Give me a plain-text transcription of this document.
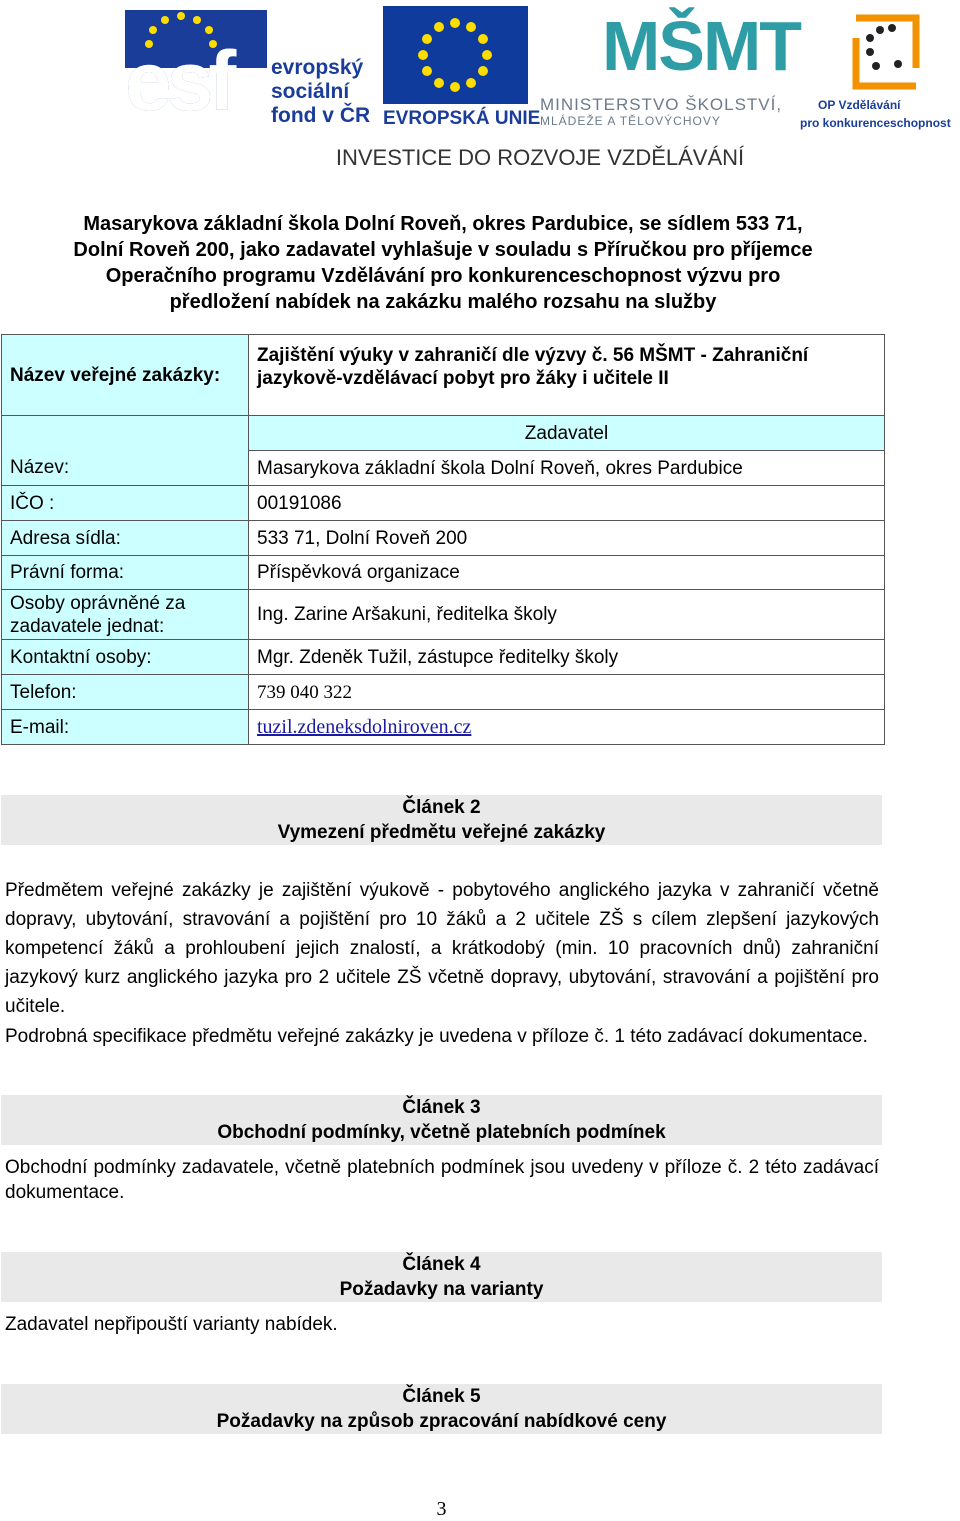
esf evropský
sociální
fond v ČR EVROPSKÁ UNIE
MŠMT
MINISTERSTVO ŠKOLSTVÍ,
MLÁDEŽE A TĚLOVÝCHOVY
OP Vzdělávání
pro konkurenceschopnost
INVESTICE DO ROZVOJE VZDĚLÁVÁNÍ
Masarykova základní škola Dolní Roveň, okres Pardubice, se sídlem 533 71,
Dolní Roveň 200, jako zadavatel vyhlašuje v souladu s Příručkou pro příjemce
Operačního programu Vzdělávání pro konkurenceschopnost výzvu pro
předložení nabídek na zakázku malého rozsahu na služby
Název veřejné zakázky:	Zajištění výuky v zahraničí dle výzvy č. 56 MŠMT - Zahraniční jazykově-vzdělávací pobyt pro žáky i učitele II
	Zadavatel
Název:	Masarykova základní škola Dolní Roveň, okres Pardubice
IČO :	00191086
Adresa sídla:	533 71, Dolní Roveň 200
Právní forma:	Příspěvková organizace
Osoby oprávněné za zadavatele jednat:	Ing. Zarine Aršakuni, ředitelka školy
Kontaktní osoby:	Mgr. Zdeněk Tužil, zástupce ředitelky školy
Telefon:	739 040 322
E-mail:	tuzil.zdeneksdolniroven.cz
Článek 2
Vymezení předmětu veřejné zakázky
Předmětem veřejné zakázky je zajištění výukově - pobytového anglického jazyka v zahraničí včetně dopravy, ubytování, stravování a pojištění pro 10 žáků a 2 učitele ZŠ s cílem zlepšení jazykových kompetencí žáků a prohloubení jejich znalostí, a krátkodobý (min. 10 pracovních dnů) zahraniční jazykový kurz anglického jazyka pro 2 učitele ZŠ včetně dopravy, ubytování, stravování a pojištění pro učitele.
Podrobná specifikace předmětu veřejné zakázky je uvedena v příloze č. 1 této zadávací dokumentace.
Článek 3
Obchodní podmínky, včetně platebních podmínek
Obchodní podmínky zadavatele, včetně platebních podmínek jsou uvedeny v příloze č. 2 této zadávací dokumentace.
Článek 4
Požadavky na varianty
Zadavatel nepřipouští varianty nabídek.
Článek 5
Požadavky na způsob zpracování nabídkové ceny
3
